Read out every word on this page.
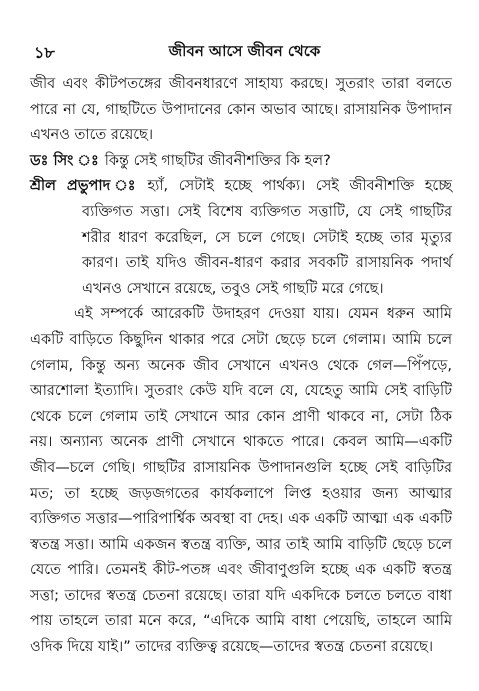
১৮	জীবন আসে জীবন থেকে

জীব এবং কীটপতঙ্গের জীবনধারণে সাহায্য করছে। সুতরাং তারা বলতে পারে না যে, গাছটিতে উপাদানের কোন অভাব আছে। রাসায়নিক উপাদান এখনও তাতে রয়েছে।

ডঃ সিং ঃ কিন্তু সেই গাছটির জীবনীশক্তির কি হল?

শ্রীল প্রভুপাদ ঃ হ্যাঁ, সেটাই হচ্ছে পার্থক্য। সেই জীবনীশক্তি হচ্ছে ব্যক্তিগত সত্তা। সেই বিশেষ ব্যক্তিগত সত্তাটি, যে সেই গাছটির শরীর ধারণ করেছিল, সে চলে গেছে। সেটাই হচ্ছে তার মৃত্যুর কারণ। তাই যদিও জীবন-ধারণ করার সবকটি রাসায়নিক পদার্থ এখনও সেখানে রয়েছে, তবুও সেই গাছটি মরে গেছে।

এই সম্পর্কে আরেকটি উদাহরণ দেওয়া যায়। যেমন ধরুন আমি একটি বাড়িতে কিছুদিন থাকার পরে সেটা ছেড়ে চলে গেলাম। আমি চলে গেলাম, কিন্তু অন্য অনেক জীব সেখানে এখনও থেকে গেল—পিঁপড়ে, আরশোলা ইত্যাদি। সুতরাং কেউ যদি বলে যে, যেহেতু আমি সেই বাড়িটি থেকে চলে গেলাম তাই সেখানে আর কোন প্রাণী থাকবে না, সেটা ঠিক নয়। অন্যান্য অনেক প্রাণী সেখানে থাকতে পারে। কেবল আমি—একটি জীব—চলে গেছি। গাছটির রাসায়নিক উপাদানগুলি হচ্ছে সেই বাড়িটির মত; তা হচ্ছে জড়জগতের কার্যকলাপে লিপ্ত হওয়ার জন্য আত্মার ব্যক্তিগত সত্তার—পারিপার্শ্বিক অবস্থা বা দেহ। এক একটি আত্মা এক একটি স্বতন্ত্র সত্তা। আমি একজন স্বতন্ত্র ব্যক্তি, আর তাই আমি বাড়িটি ছেড়ে চলে যেতে পারি। তেমনই কীট-পতঙ্গ এবং জীবাণুগুলি হচ্ছে এক একটি স্বতন্ত্র সত্তা; তাদের স্বতন্ত্র চেতনা রয়েছে। তারা যদি একদিকে চলতে চলতে বাধা পায় তাহলে তারা মনে করে, “এদিকে আমি বাধা পেয়েছি, তাহলে আমি ওদিক দিয়ে যাই।” তাদের ব্যক্তিত্ব রয়েছে—তাদের স্বতন্ত্র চেতনা রয়েছে।
